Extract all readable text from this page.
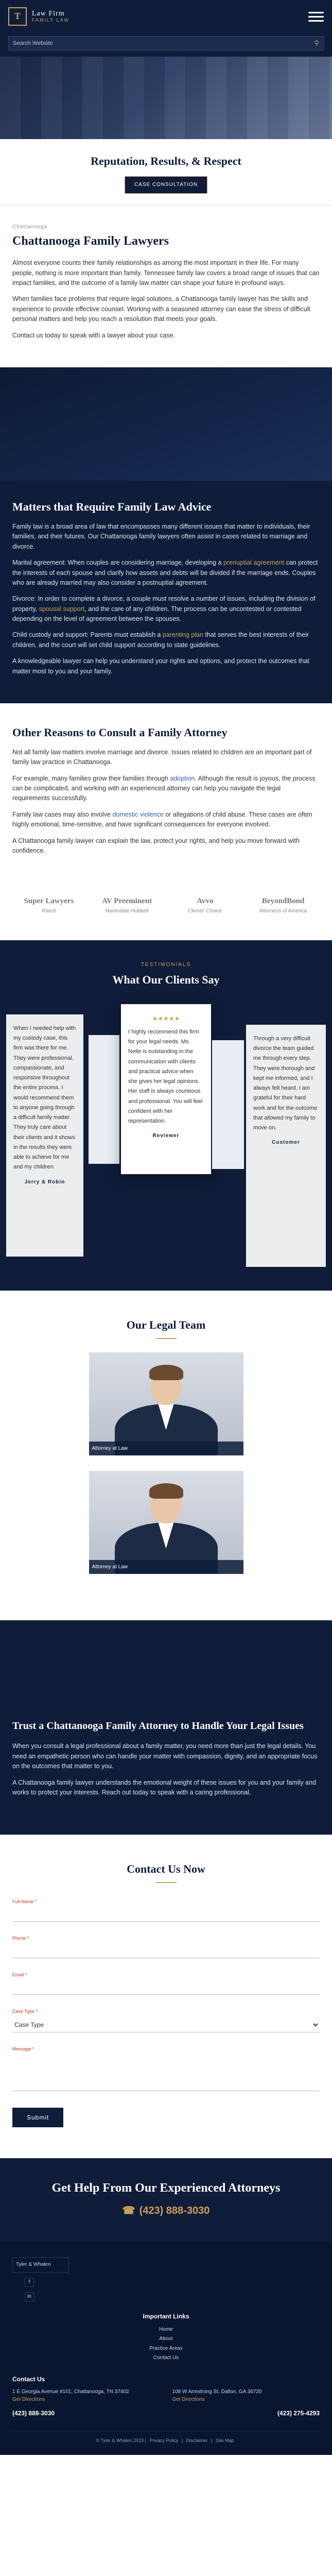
T	Law Firm
FAMILY LAW
Search Website
⚲
Reputation, Results, & Respect
CASE CONSULTATION
Chattanooga
Chattanooga Family Lawyers

Almost everyone counts their family relationships as among the most important in their life. For many people, nothing is more important than family. Tennessee family law covers a broad range of issues that can impact families, and the outcome of a family law matter can shape your future in profound ways.

When families face problems that require legal solutions, a Chattanooga family lawyer has the skills and experience to provide effective counsel. Working with a seasoned attorney can ease the stress of difficult personal matters and help you reach a resolution that meets your goals.

Contact us today to speak with a lawyer about your case.

Matters that Require Family Law Advice

Family law is a broad area of law that encompasses many different issues that matter to individuals, their families, and their futures. Our Chattanooga family lawyers often assist in cases related to marriage and divorce.

Marital agreement: When couples are considering marriage, developing a prenuptial agreement can protect the interests of each spouse and clarify how assets and debts will be divided if the marriage ends. Couples who are already married may also consider a postnuptial agreement.

Divorce: In order to complete a divorce, a couple must resolve a number of issues, including the division of property, spousal support, and the care of any children. The process can be uncontested or contested depending on the level of agreement between the spouses.

Child custody and support: Parents must establish a parenting plan that serves the best interests of their children, and the court will set child support according to state guidelines.

A knowledgeable lawyer can help you understand your rights and options, and protect the outcomes that matter most to you and your family.

Other Reasons to Consult a Family Attorney

Not all family law matters involve marriage and divorce. Issues related to children are an important part of family law practice in Chattanooga.

For example, many families grow their families through adoption. Although the result is joyous, the process can be complicated, and working with an experienced attorney can help you navigate the legal requirements successfully.

Family law cases may also involve domestic violence or allegations of child abuse. These cases are often highly emotional, time-sensitive, and have significant consequences for everyone involved.

A Chattanooga family lawyer can explain the law, protect your rights, and help you move forward with confidence.

Super Lawyers
Rated
AV Preeminent
Martindale-Hubbell
Avvo
Clients' Choice
BeyondBond
Attorneys of America
TESTIMONIALS
What Our Clients Say
When I needed help with my custody case, this firm was there for me. They were professional, compassionate, and responsive throughout the entire process. I would recommend them to anyone going through a difficult family matter. They truly care about their clients and it shows in the results they were able to achieve for me and my children.
Jerry & Robin
★★★★★
I highly recommend this firm for your legal needs. Ms. Nelle is outstanding in the communication with clients and practical advice when she gives her legal opinions. Her staff is always courteous and professional. You will feel confident with her representation.
Reviewer
Through a very difficult divorce the team guided me through every step. They were thorough and kept me informed, and I always felt heard. I am grateful for their hard work and for the outcome that allowed my family to move on.
Customer
Our Legal Team
Attorney at Law
Attorney at Law
Trust a Chattanooga Family Attorney to Handle Your Legal Issues

When you consult a legal professional about a family matter, you need more than just the legal details. You need an empathetic person who can handle your matter with compassion, dignity, and an appropriate focus on the outcomes that matter to you.

A Chattanooga family lawyer understands the emotional weight of these issues for you and your family and works to protect your interests. Reach out today to speak with a caring professional.

Contact Us Now
Full Name *
Phone *
Email *
Case Type *
Case Type
Message *
Submit
Get Help From Our Experienced Attorneys
☎ (423) 888-3030
Tyler & Whalen
f
in
Important Links
Home
About
Practice Areas
Contact Us
Contact Us
1 E Georgia Avenue #101, Chattanooga, TN 37402
Get Directions
108 W Armstrong St, Dalton, GA 30720
Get Directions
(423) 888-3030	(423) 275-4293
© Tyler & Whalen 2023 | Privacy Policy | Disclaimer | Site Map
